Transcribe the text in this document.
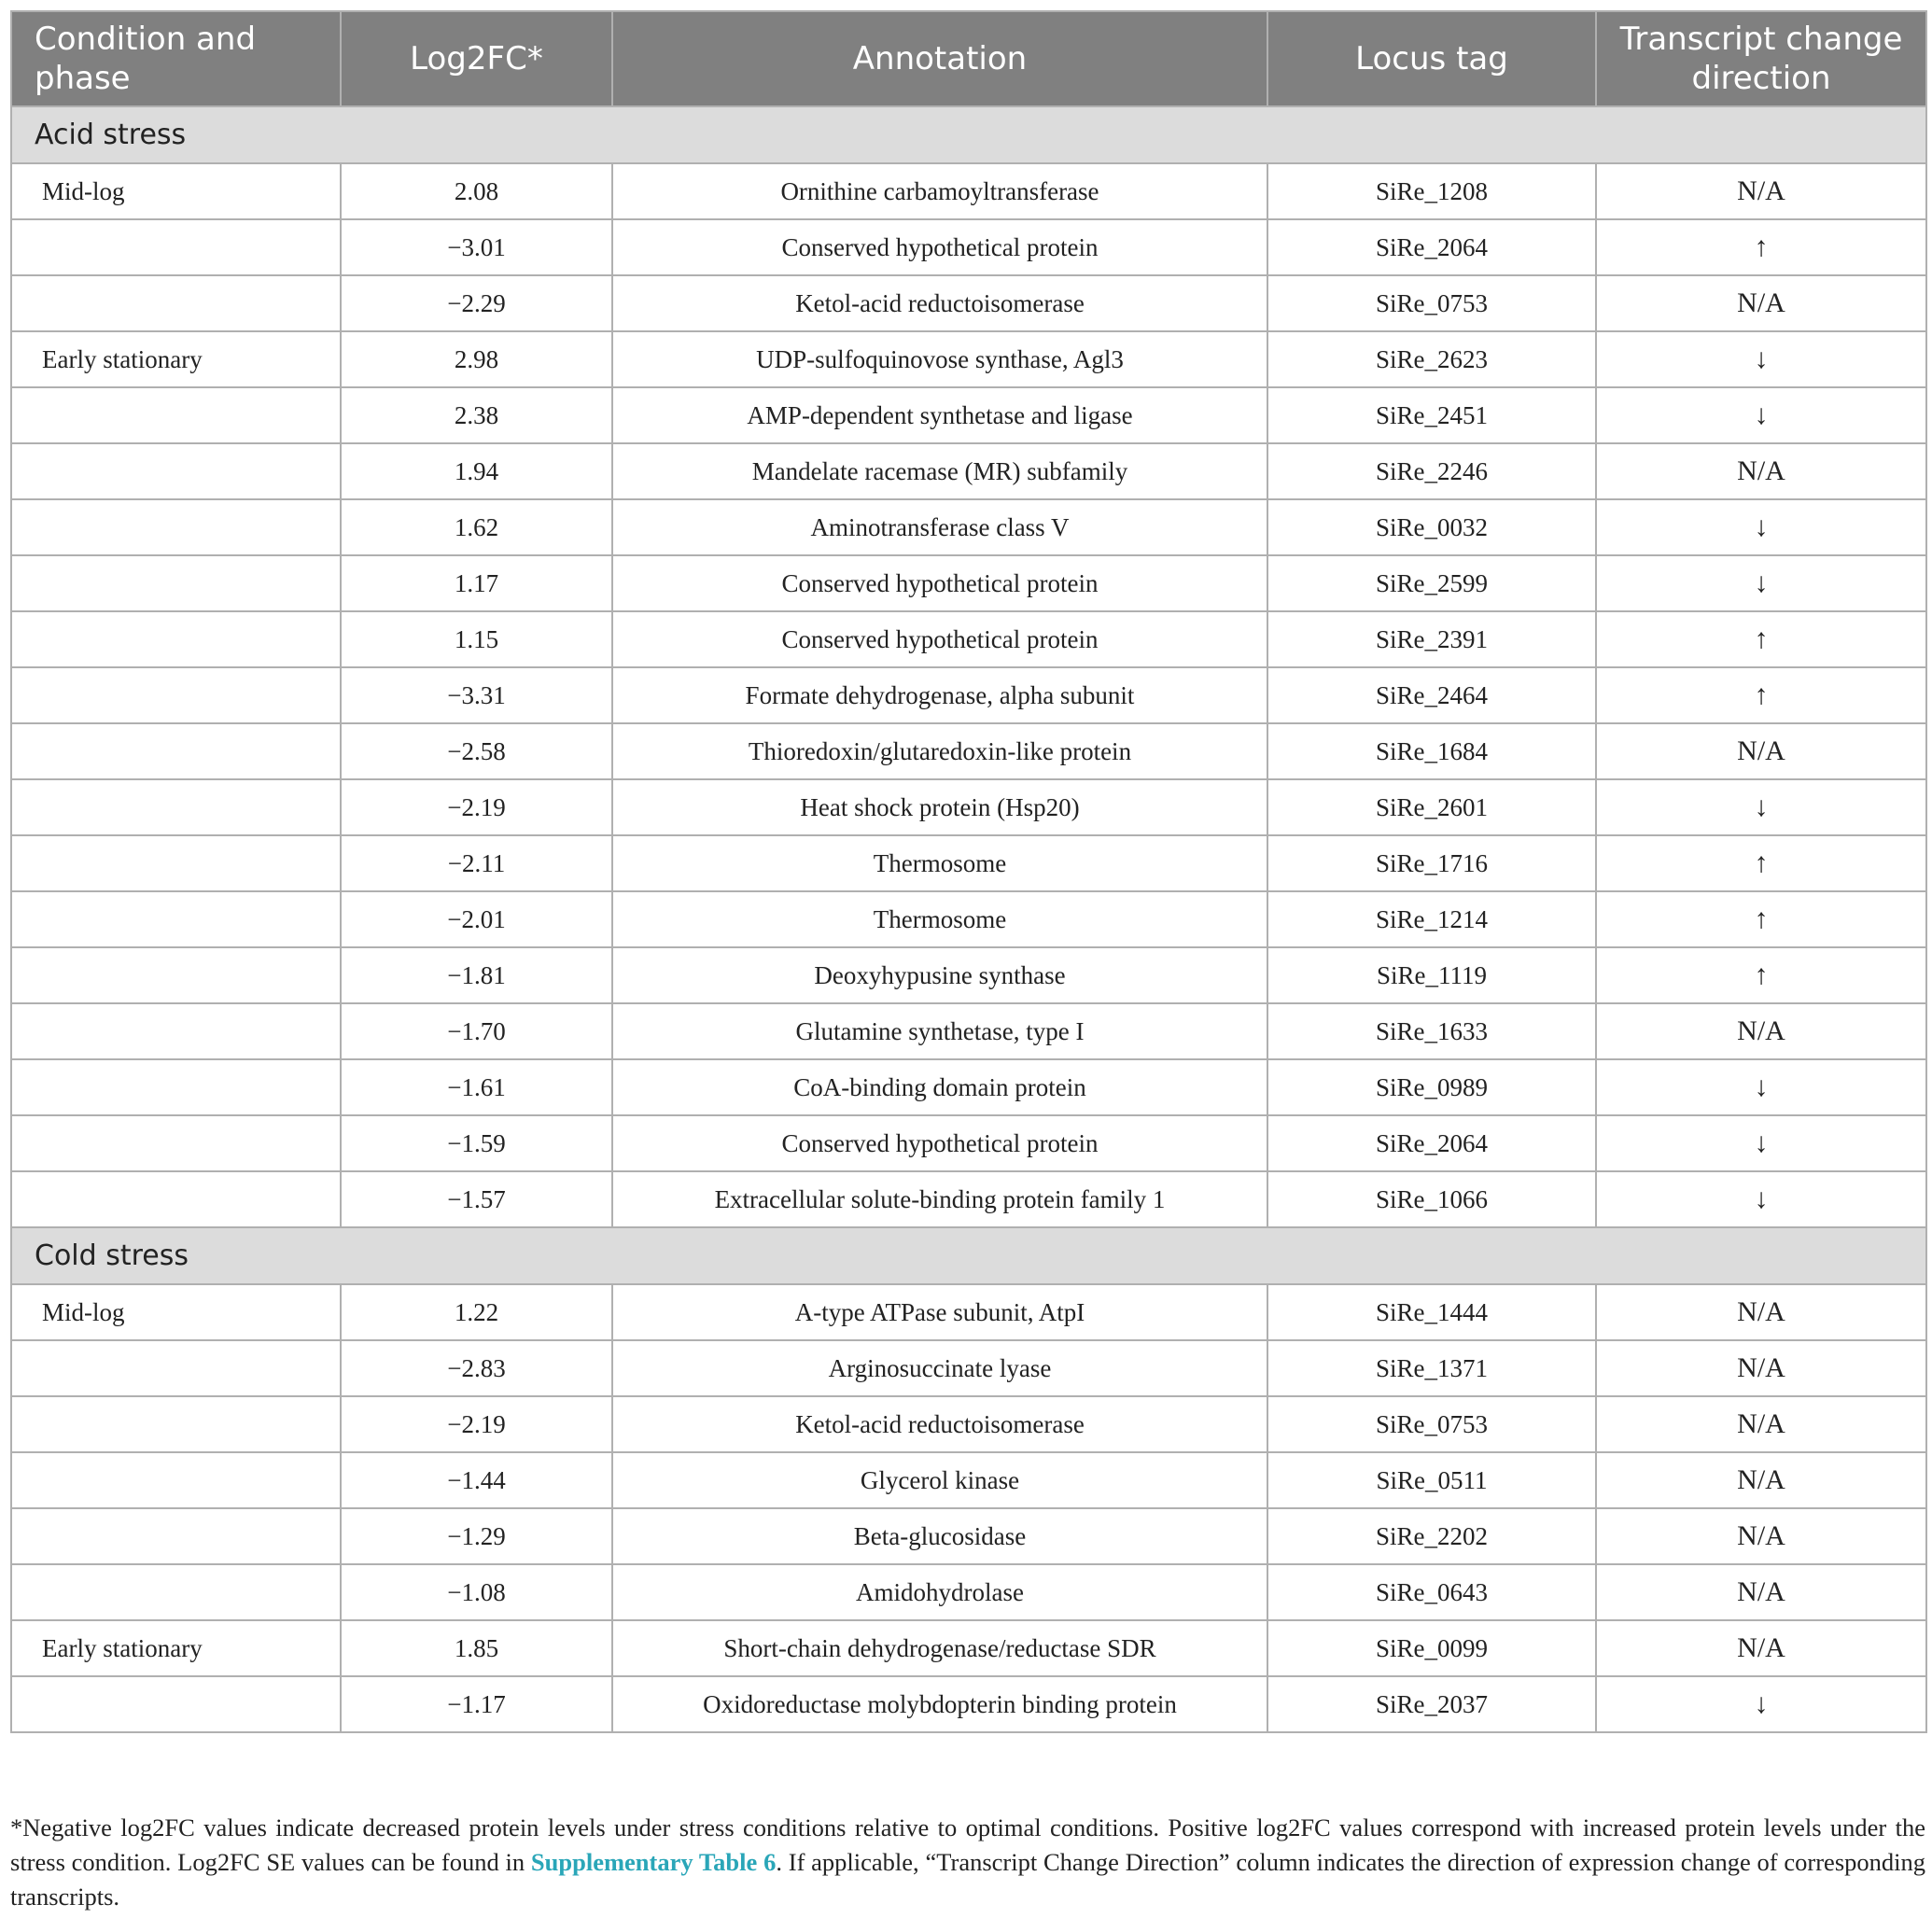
Condition and phase	Log2FC*	Annotation	Locus tag	Transcript change direction
Acid stress				
Mid-log	2.08	Ornithine carbamoyltransferase	SiRe_1208	N/A
	−3.01	Conserved hypothetical protein	SiRe_2064	↑
	−2.29	Ketol-acid reductoisomerase	SiRe_0753	N/A
Early stationary	2.98	UDP-sulfoquinovose synthase, Agl3	SiRe_2623	↓
	2.38	AMP-dependent synthetase and ligase	SiRe_2451	↓
	1.94	Mandelate racemase (MR) subfamily	SiRe_2246	N/A
	1.62	Aminotransferase class V	SiRe_0032	↓
	1.17	Conserved hypothetical protein	SiRe_2599	↓
	1.15	Conserved hypothetical protein	SiRe_2391	↑
	−3.31	Formate dehydrogenase, alpha subunit	SiRe_2464	↑
	−2.58	Thioredoxin/glutaredoxin-like protein	SiRe_1684	N/A
	−2.19	Heat shock protein (Hsp20)	SiRe_2601	↓
	−2.11	Thermosome	SiRe_1716	↑
	−2.01	Thermosome	SiRe_1214	↑
	−1.81	Deoxyhypusine synthase	SiRe_1119	↑
	−1.70	Glutamine synthetase, type I	SiRe_1633	N/A
	−1.61	CoA-binding domain protein	SiRe_0989	↓
	−1.59	Conserved hypothetical protein	SiRe_2064	↓
	−1.57	Extracellular solute-binding protein family 1	SiRe_1066	↓
Cold stress				
Mid-log	1.22	A-type ATPase subunit, AtpI	SiRe_1444	N/A
	−2.83	Arginosuccinate lyase	SiRe_1371	N/A
	−2.19	Ketol-acid reductoisomerase	SiRe_0753	N/A
	−1.44	Glycerol kinase	SiRe_0511	N/A
	−1.29	Beta-glucosidase	SiRe_2202	N/A
	−1.08	Amidohydrolase	SiRe_0643	N/A
Early stationary	1.85	Short-chain dehydrogenase/reductase SDR	SiRe_0099	N/A
	−1.17	Oxidoreductase molybdopterin binding protein	SiRe_2037	↓
*Negative log2FC values indicate decreased protein levels under stress conditions relative to optimal conditions. Positive log2FC values correspond with increased protein levels under the stress condition. Log2FC SE values can be found in Supplementary Table 6. If applicable, “Transcript Change Direction” column indicates the direction of expression change of corresponding transcripts.
